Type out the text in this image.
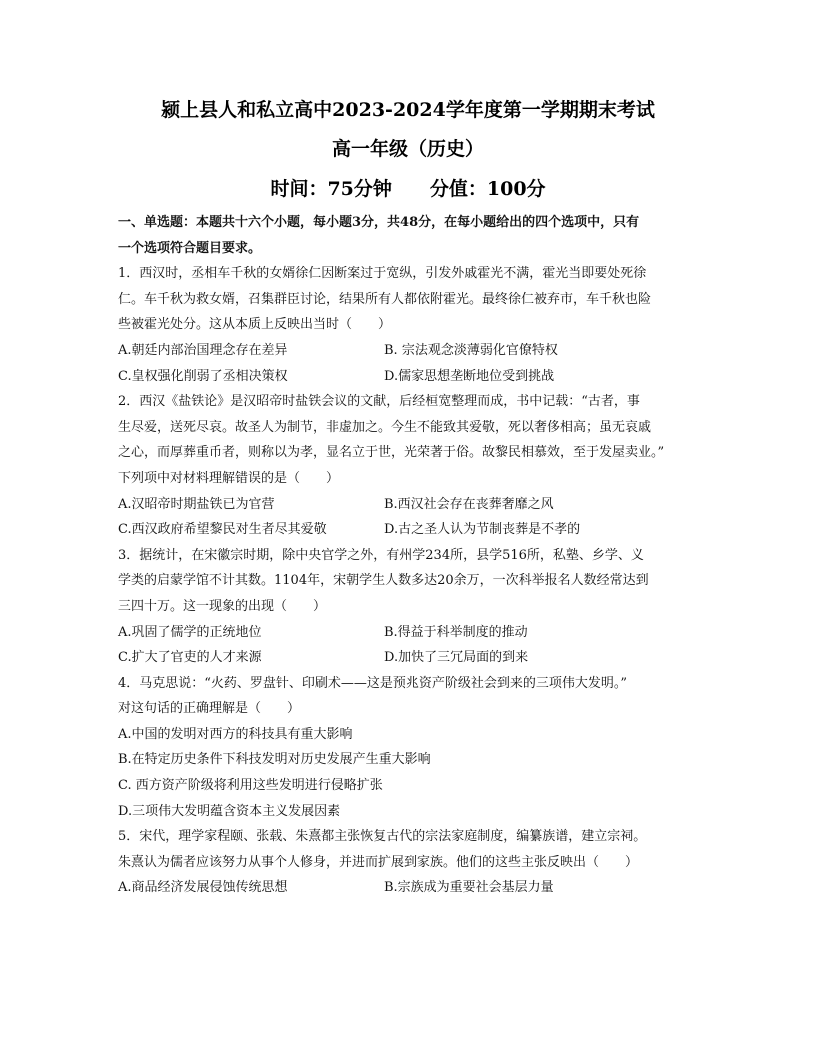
颍上县人和私立高中2023-2024学年度第一学期期末考试
高一年级（历史）
时间：75分钟 分值：100分
一、单选题：本题共十六个小题，每小题3分，共48分，在每小题给出的四个选项中，只有
一个选项符合题目要求。
1．西汉时，丞相车千秋的女婿徐仁因断案过于宽纵，引发外戚霍光不满，霍光当即要处死徐
仁。车千秋为救女婿，召集群臣讨论，结果所有人都依附霍光。最终徐仁被弃市，车千秋也险
些被霍光处分。这从本质上反映出当时（　　）
A.朝廷内部治国理念存在差异	B. 宗法观念淡薄弱化官僚特权
C.皇权强化削弱了丞相决策权	D.儒家思想垄断地位受到挑战
2．西汉《盐铁论》是汉昭帝时盐铁会议的文献，后经桓宽整理而成，书中记载：“古者，事
生尽爱，送死尽哀。故圣人为制节，非虚加之。今生不能致其爱敬，死以奢侈相高；虽无哀戚
之心，而厚葬重币者，则称以为孝，显名立于世，光荣著于俗。故黎民相慕效，至于发屋卖业。”
下列项中对材料理解错误的是（　　）
A.汉昭帝时期盐铁已为官营	B.西汉社会存在丧葬奢靡之风
C.西汉政府希望黎民对生者尽其爱敬	D.古之圣人认为节制丧葬是不孝的
3．据统计，在宋徽宗时期，除中央官学之外，有州学234所，县学516所，私塾、乡学、义
学类的启蒙学馆不计其数。1104年，宋朝学生人数多达20余万，一次科举报名人数经常达到
三四十万。这一现象的出现（　　）
A.巩固了儒学的正统地位	B.得益于科举制度的推动
C.扩大了官吏的人才来源	D.加快了三冗局面的到来
4．马克思说：“火药、罗盘针、印刷术——这是预兆资产阶级社会到来的三项伟大发明。”
对这句话的正确理解是（　　）
A.中国的发明对西方的科技具有重大影响
B.在特定历史条件下科技发明对历史发展产生重大影响
C. 西方资产阶级将利用这些发明进行侵略扩张
D.三项伟大发明蕴含资本主义发展因素
5．宋代，理学家程颐、张载、朱熹都主张恢复古代的宗法家庭制度，编纂族谱，建立宗祠。
朱熹认为儒者应该努力从事个人修身，并进而扩展到家族。他们的这些主张反映出（　　）
A.商品经济发展侵蚀传统思想	B.宗族成为重要社会基层力量
